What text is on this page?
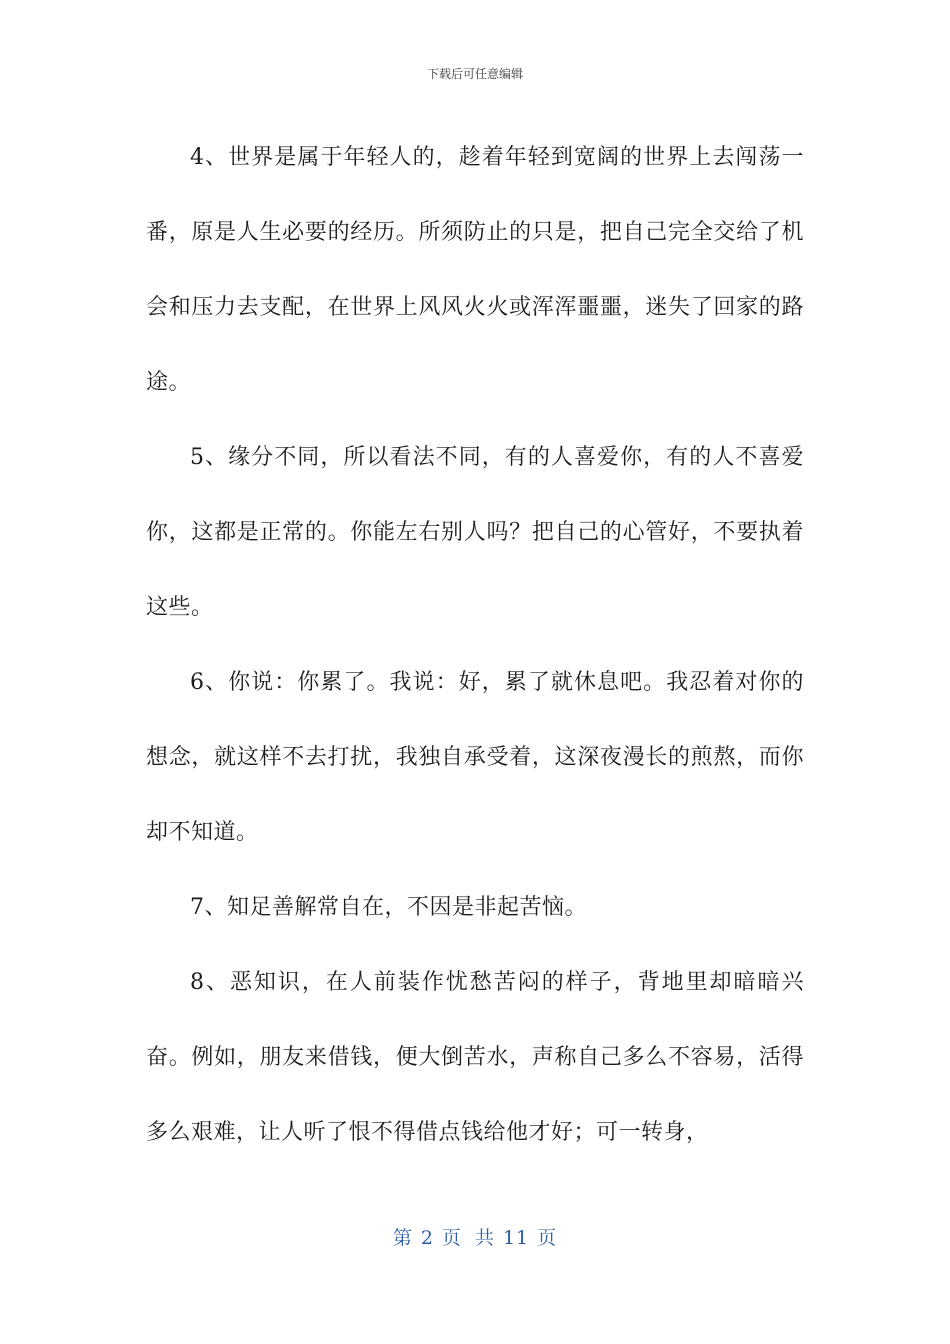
下载后可任意编辑

4、世界是属于年轻人的，趁着年轻到宽阔的世界上去闯荡一番，原是人生必要的经历。所须防止的只是，把自己完全交给了机会和压力去支配，在世界上风风火火或浑浑噩噩，迷失了回家的路途。

5、缘分不同，所以看法不同，有的人喜爱你，有的人不喜爱你，这都是正常的。你能左右别人吗？把自己的心管好，不要执着这些。

6、你说：你累了。我说：好，累了就休息吧。我忍着对你的想念，就这样不去打扰，我独自承受着，这深夜漫长的煎熬，而你却不知道。

7、知足善解常自在，不因是非起苦恼。

8、恶知识，在人前装作忧愁苦闷的样子，背地里却暗暗兴奋。例如，朋友来借钱，便大倒苦水，声称自己多么不容易，活得多么艰难，让人听了恨不得借点钱给他才好；可一转身，

第 2 页 共 11 页
